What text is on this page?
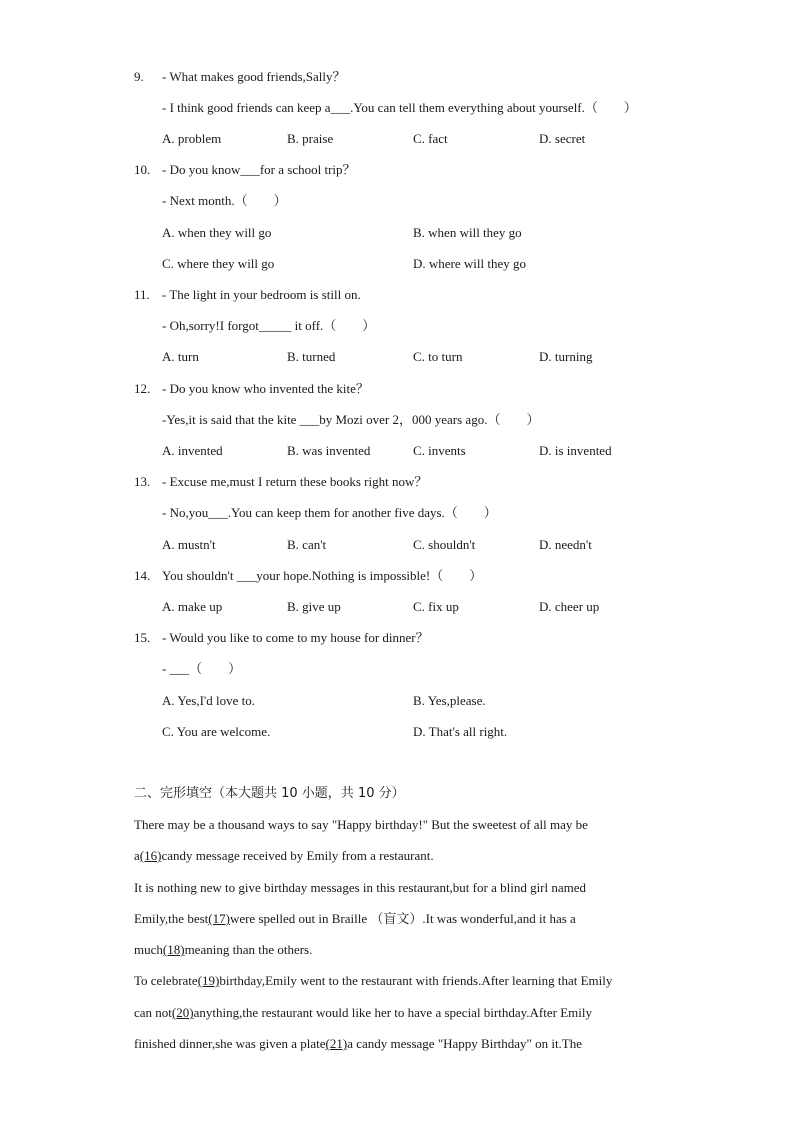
9. - What makes good friends,Sally？
- I think good friends can keep a___.You can tell them everything about yourself.（　　）
A. problem	B. praise	C. fact	D. secret
10. - Do you know___for a school trip？
- Next month.（　　）
A. when they will go	B. when will they go
C. where they will go	D. where will they go
11. - The light in your bedroom is still on.
- Oh,sorry!I forgot_____ it off.（　　）
A. turn	B. turned	C. to turn	D. turning
12. - Do you know who invented the kite？
-Yes,it is said that the kite ___by Mozi over 2，000 years ago.（　　）
A. invented	B. was invented	C. invents	D. is invented
13. - Excuse me,must I return these books right now？
- No,you___.You can keep them for another five days.（　　）
A. mustn't	B. can't	C. shouldn't	D. needn't
14. You shouldn't ___your hope.Nothing is impossible!（　　）
A. make up	B. give up	C. fix up	D. cheer up
15. - Would you like to come to my house for dinner？
- ___（　　）
A. Yes,I'd love to.	B. Yes,please.
C. You are welcome.	D. That's all right.
二、完形填空（本大题共 10 小题，共 10 分）
There may be a thousand ways to say "Happy birthday!" But the sweetest of all may be
a(16)candy message received by Emily from a restaurant.
It is nothing new to give birthday messages in this restaurant,but for a blind girl named
Emily,the best(17)were spelled out in Braille （盲文）.It was wonderful,and it has a
much(18)meaning than the others.
To celebrate(19)birthday,Emily went to the restaurant with friends.After learning that Emily
can not(20)anything,the restaurant would like her to have a special birthday.After Emily
finished dinner,she was given a plate(21)a candy message "Happy Birthday" on it.The
